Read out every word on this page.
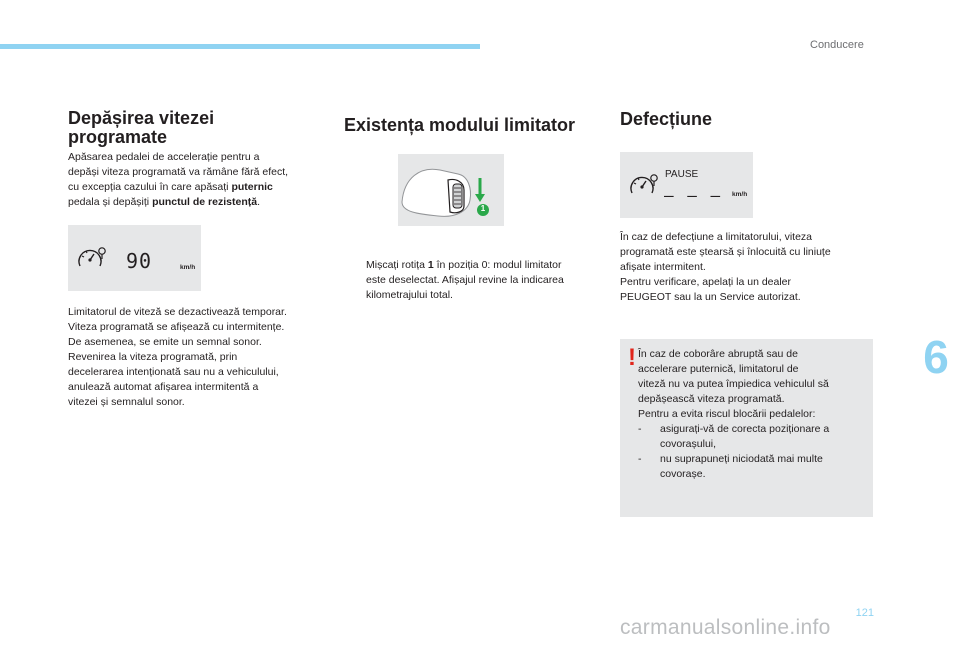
Conducere
Depășirea vitezei
programate

Apăsarea pedalei de accelerație pentru a
depăși viteza programată va rămâne fără efect,
cu excepția cazului în care apăsați puternic
pedala și depășiți punctul de rezistență.

90	km/h

Limitatorul de viteză se dezactivează temporar.
Viteza programată se afișează cu intermitențe.
De asemenea, se emite un semnal sonor.
Revenirea la viteza programată, prin
decelerarea intenționată sau nu a vehiculului,
anulează automat afișarea intermitentă a
vitezei și semnalul sonor.

Existența modului limitator
1

Mișcați rotița 1 în poziția 0: modul limitator
este deselectat. Afișajul revine la indicarea
kilometrajului total.

Defecțiune
PAUSE
– – – km/h

În caz de defecțiune a limitatorului, viteza
programată este ștearsă și înlocuită cu liniuțe
afișate intermitent.
Pentru verificare, apelați la un dealer
PEUGEOT sau la un Service autorizat.

! În caz de coborâre abruptă sau de
accelerare puternică, limitatorul de
viteză nu va putea împiedica vehiculul să
depășească viteza programată.
Pentru a evita riscul blocării pedalelor:
- asigurați-vă de corecta poziționare a
covorașului,
- nu suprapuneți niciodată mai multe
covorașe.
6
121
carmanualsonline.info
